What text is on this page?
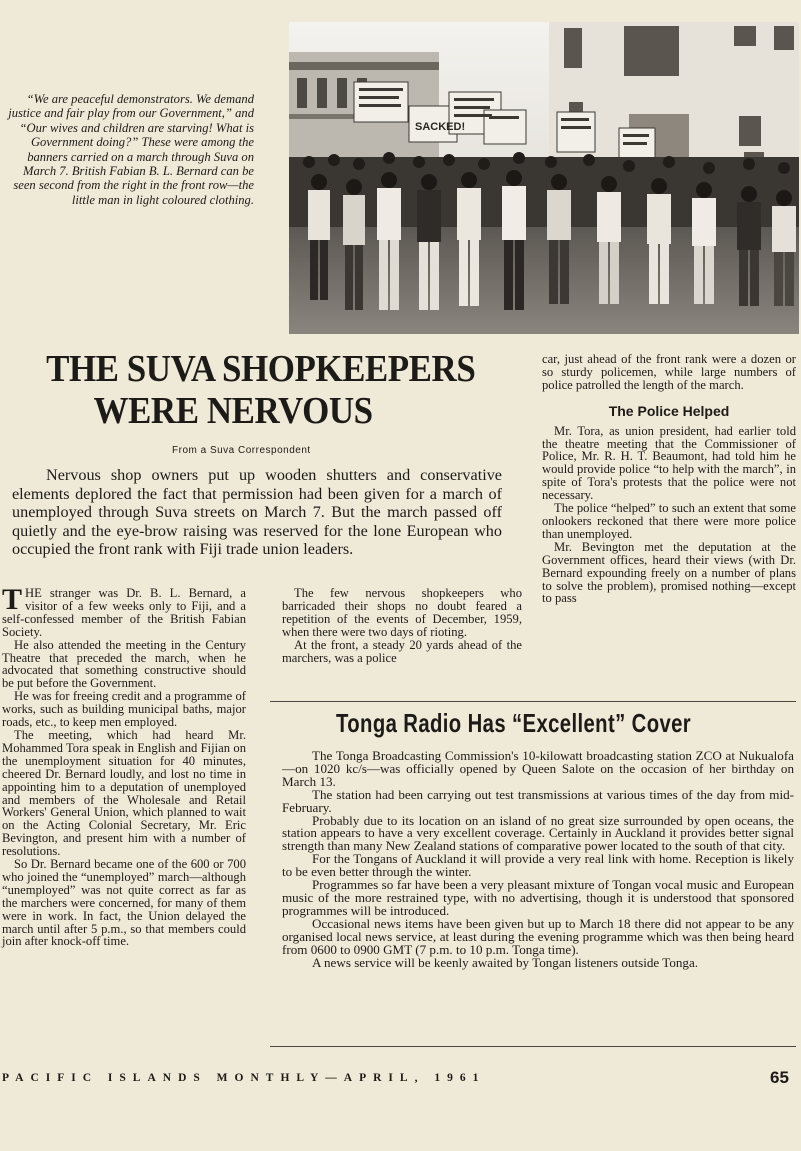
“We are peaceful demonstrators. We demand justice and fair play from our Government,” and “Our wives and children are starving! What is Government doing?” These were among the banners carried on a march through Suva on March 7. British Fabian B. L. Bernard can be seen second from the right in the front row—the little man in light coloured clothing.
SACKED!
THE SUVA SHOPKEEPERS
WERE NERVOUS
From a Suva Correspondent
Nervous shop owners put up wooden shutters and conservative elements deplored the fact that permission had been given for a march of unemployed through Suva streets on March 7. But the march passed off quietly and the eye-brow raising was reserved for the lone European who occupied the front rank with Fiji trade union leaders.

THE stranger was Dr. B. L. Bernard, a visitor of a few weeks only to Fiji, and a self-confessed member of the British Fabian Society.

He also attended the meeting in the Century Theatre that preceded the march, when he advocated that something constructive should be put before the Government.

He was for freeing credit and a programme of works, such as building municipal baths, major roads, etc., to keep men employed.

The meeting, which had heard Mr. Mohammed Tora speak in English and Fijian on the unemployment situation for 40 minutes, cheered Dr. Bernard loudly, and lost no time in appointing him to a deputation of unemployed and members of the Wholesale and Retail Workers' General Union, which planned to wait on the Acting Colonial Secretary, Mr. Eric Bevington, and present him with a number of resolutions.

So Dr. Bernard became one of the 600 or 700 who joined the “unemployed” march—although “unemployed” was not quite correct as far as the marchers were concerned, for many of them were in work. In fact, the Union delayed the march until after 5 p.m., so that members could join after knock-off time.

The few nervous shopkeepers who barricaded their shops no doubt feared a repetition of the events of December, 1959, when there were two days of rioting.

At the front, a steady 20 yards ahead of the marchers, was a police

car, just ahead of the front rank were a dozen or so sturdy policemen, while large numbers of police patrolled the length of the march.

The Police Helped

Mr. Tora, as union president, had earlier told the theatre meeting that the Commissioner of Police, Mr. R. H. T. Beaumont, had told him he would provide police “to help with the march”, in spite of Tora's protests that the police were not necessary.

The police “helped” to such an extent that some onlookers reckoned that there were more police than unemployed.

Mr. Bevington met the deputation at the Government offices, heard their views (with Dr. Bernard expounding freely on a number of plans to solve the problem), promised nothing—except to pass

Tonga Radio Has “Excellent” Cover

The Tonga Broadcasting Commission's 10-kilowatt broadcasting station ZCO at Nukualofa—on 1020 kc/s—was officially opened by Queen Salote on the occasion of her birthday on March 13.

The station had been carrying out test transmissions at various times of the day from mid-February.

Probably due to its location on an island of no great size surrounded by open oceans, the station appears to have a very excellent coverage. Certainly in Auckland it provides better signal strength than many New Zealand stations of comparative power located to the south of that city.

For the Tongans of Auckland it will provide a very real link with home. Reception is likely to be even better through the winter.

Programmes so far have been a very pleasant mixture of Tongan vocal music and European music of the more restrained type, with no advertising, though it is understood that sponsored programmes will be introduced.

Occasional news items have been given but up to March 18 there did not appear to be any organised local news service, at least during the evening programme which was then being heard from 0600 to 0900 GMT (7 p.m. to 10 p.m. Tonga time).

A news service will be keenly awaited by Tongan listeners outside Tonga.

PACIFIC ISLANDS MONTHLY—APRIL, 1961	65
